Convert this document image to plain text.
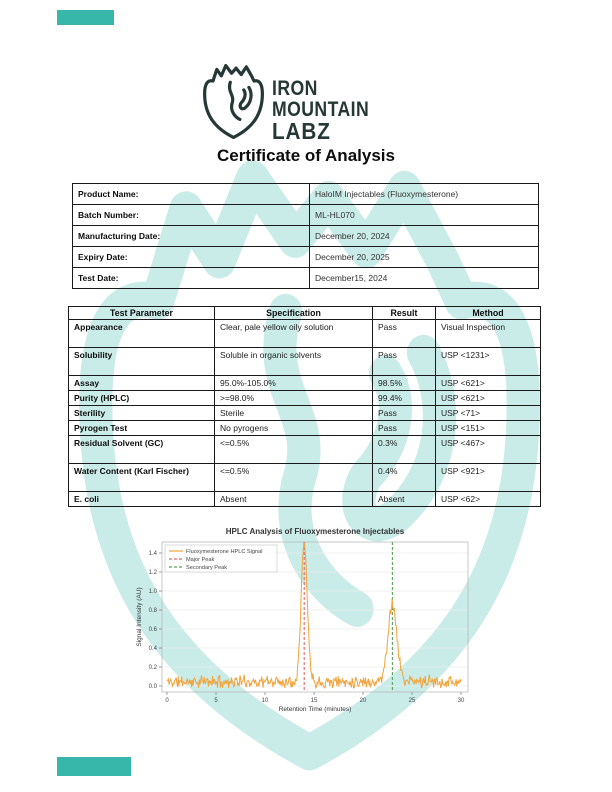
IRON
MOUNTAIN
LABZ
Certificate of Analysis
Product Name:	HaloIM Injectables (Fluoxymesterone)
Batch Number:	ML-HL070
Manufacturing Date:	December 20, 2024
Expiry Date:	December 20, 2025
Test Date:	December15, 2024
Test Parameter	Specification	Result	Method
Appearance	Clear, pale yellow oily solution	Pass	Visual Inspection
Solubility	Soluble in organic solvents	Pass	USP <1231>
Assay	95.0%-105.0%	98.5%	USP <621>
Purity (HPLC)	>=98.0%	99.4%	USP <621>
Sterility	Sterile	Pass	USP <71>
Pyrogen Test	No pyrogens	Pass	USP <151>
Residual Solvent (GC)	<=0.5%	0.3%	USP <467>
Water Content (Karl Fischer)	<=0.5%	0.4%	USP <921>
E. coli	Absent	Absent	USP <62>
0.0
0.2
0.4
0.6
0.8
1.0
1.2
1.4
0	5	10	15	20	25	30
Retention Time (minutes)
Signal Intensity (AU)
HPLC Analysis of Fluoxymesterone Injectables
Fluoxymesterone HPLC Signal
Major Peak
Secondary Peak
